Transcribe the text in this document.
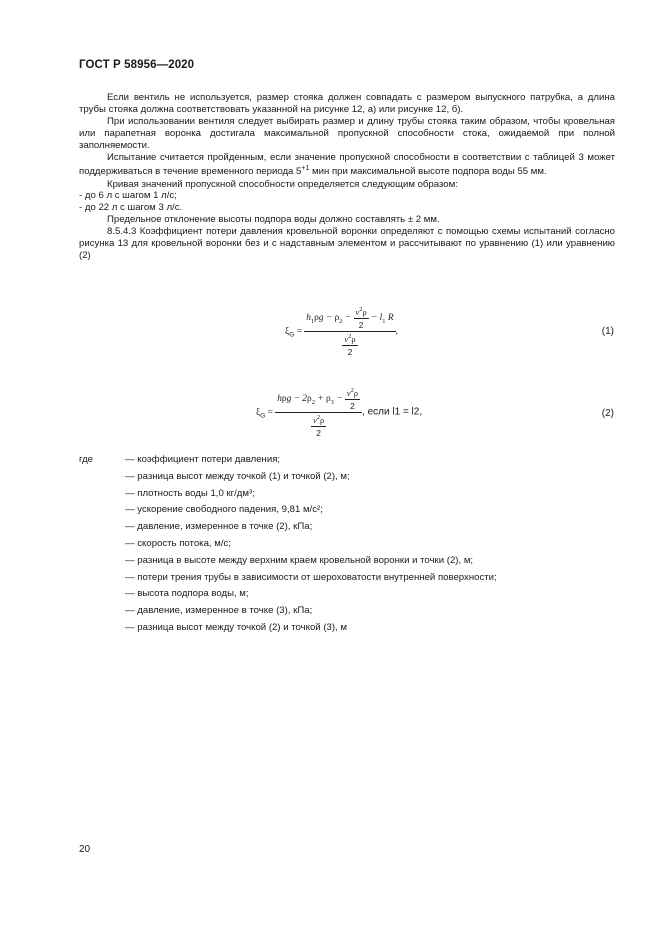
ГОСТ Р 58956—2020

Если вентиль не используется, размер стояка должен совпадать с размером выпускного патрубка, а длина трубы стояка должна соответствовать указанной на рисунке 12, а) или рисунке 12, б).

При использовании вентиля следует выбирать размер и длину трубы стояка таким образом, чтобы кровельная или парапетная воронка достигала максимальной пропускной способности стока, ожидаемой при полной заполняемости.

Испытание считается пройденным, если значение пропускной способности в соответствии с таблицей 3 может поддерживаться в течение временного периода $5^{+1}$ мин при максимальной высоте подпора воды 55 мм.

Кривая значений пропускной способности определяется следующим образом:

- до 6 л с шагом 1 л/с;

- до 22 л с шагом 3 л/с.

Предельное отклонение высоты подпора воды должно составлять ± 2 мм.

8.5.4.3 Коэффициент потери давления кровельной воронки определяют с помощью схемы испытаний согласно рисунка 13 для кровельной воронки без и с надставным элементом и рассчитывают по уравнению (1) или уравнению (2)

$\xi_G = \frac{h_1\rho g - \rho_2 - \frac{v^2\rho}{2} - l_1 R}{\frac{v^2\rho}{2}}$ ,	(1)
$\xi_G = \frac{h\rho g - 2\rho_2 + \rho_3 - \frac{v^2\rho}{2}}{\frac{v^2\rho}{2}}$ , если l1 = l2,	(2)
где	— коэффициент потери давления;
— разница высот между точкой (1) и точкой (2), м;
— плотность воды 1,0 кг/дм³;
— ускорение свободного падения, 9,81 м/с²;
— давление, измеренное в точке (2), кПа;
— скорость потока, м/с;
— разница в высоте между верхним краем кровельной воронки и точки (2), м;
— потери трения трубы в зависимости от шероховатости внутренней поверхности;
— высота подпора воды, м;
— давление, измеренное в точке (3), кПа;
— разница высот между точкой (2) и точкой (3), м
20
